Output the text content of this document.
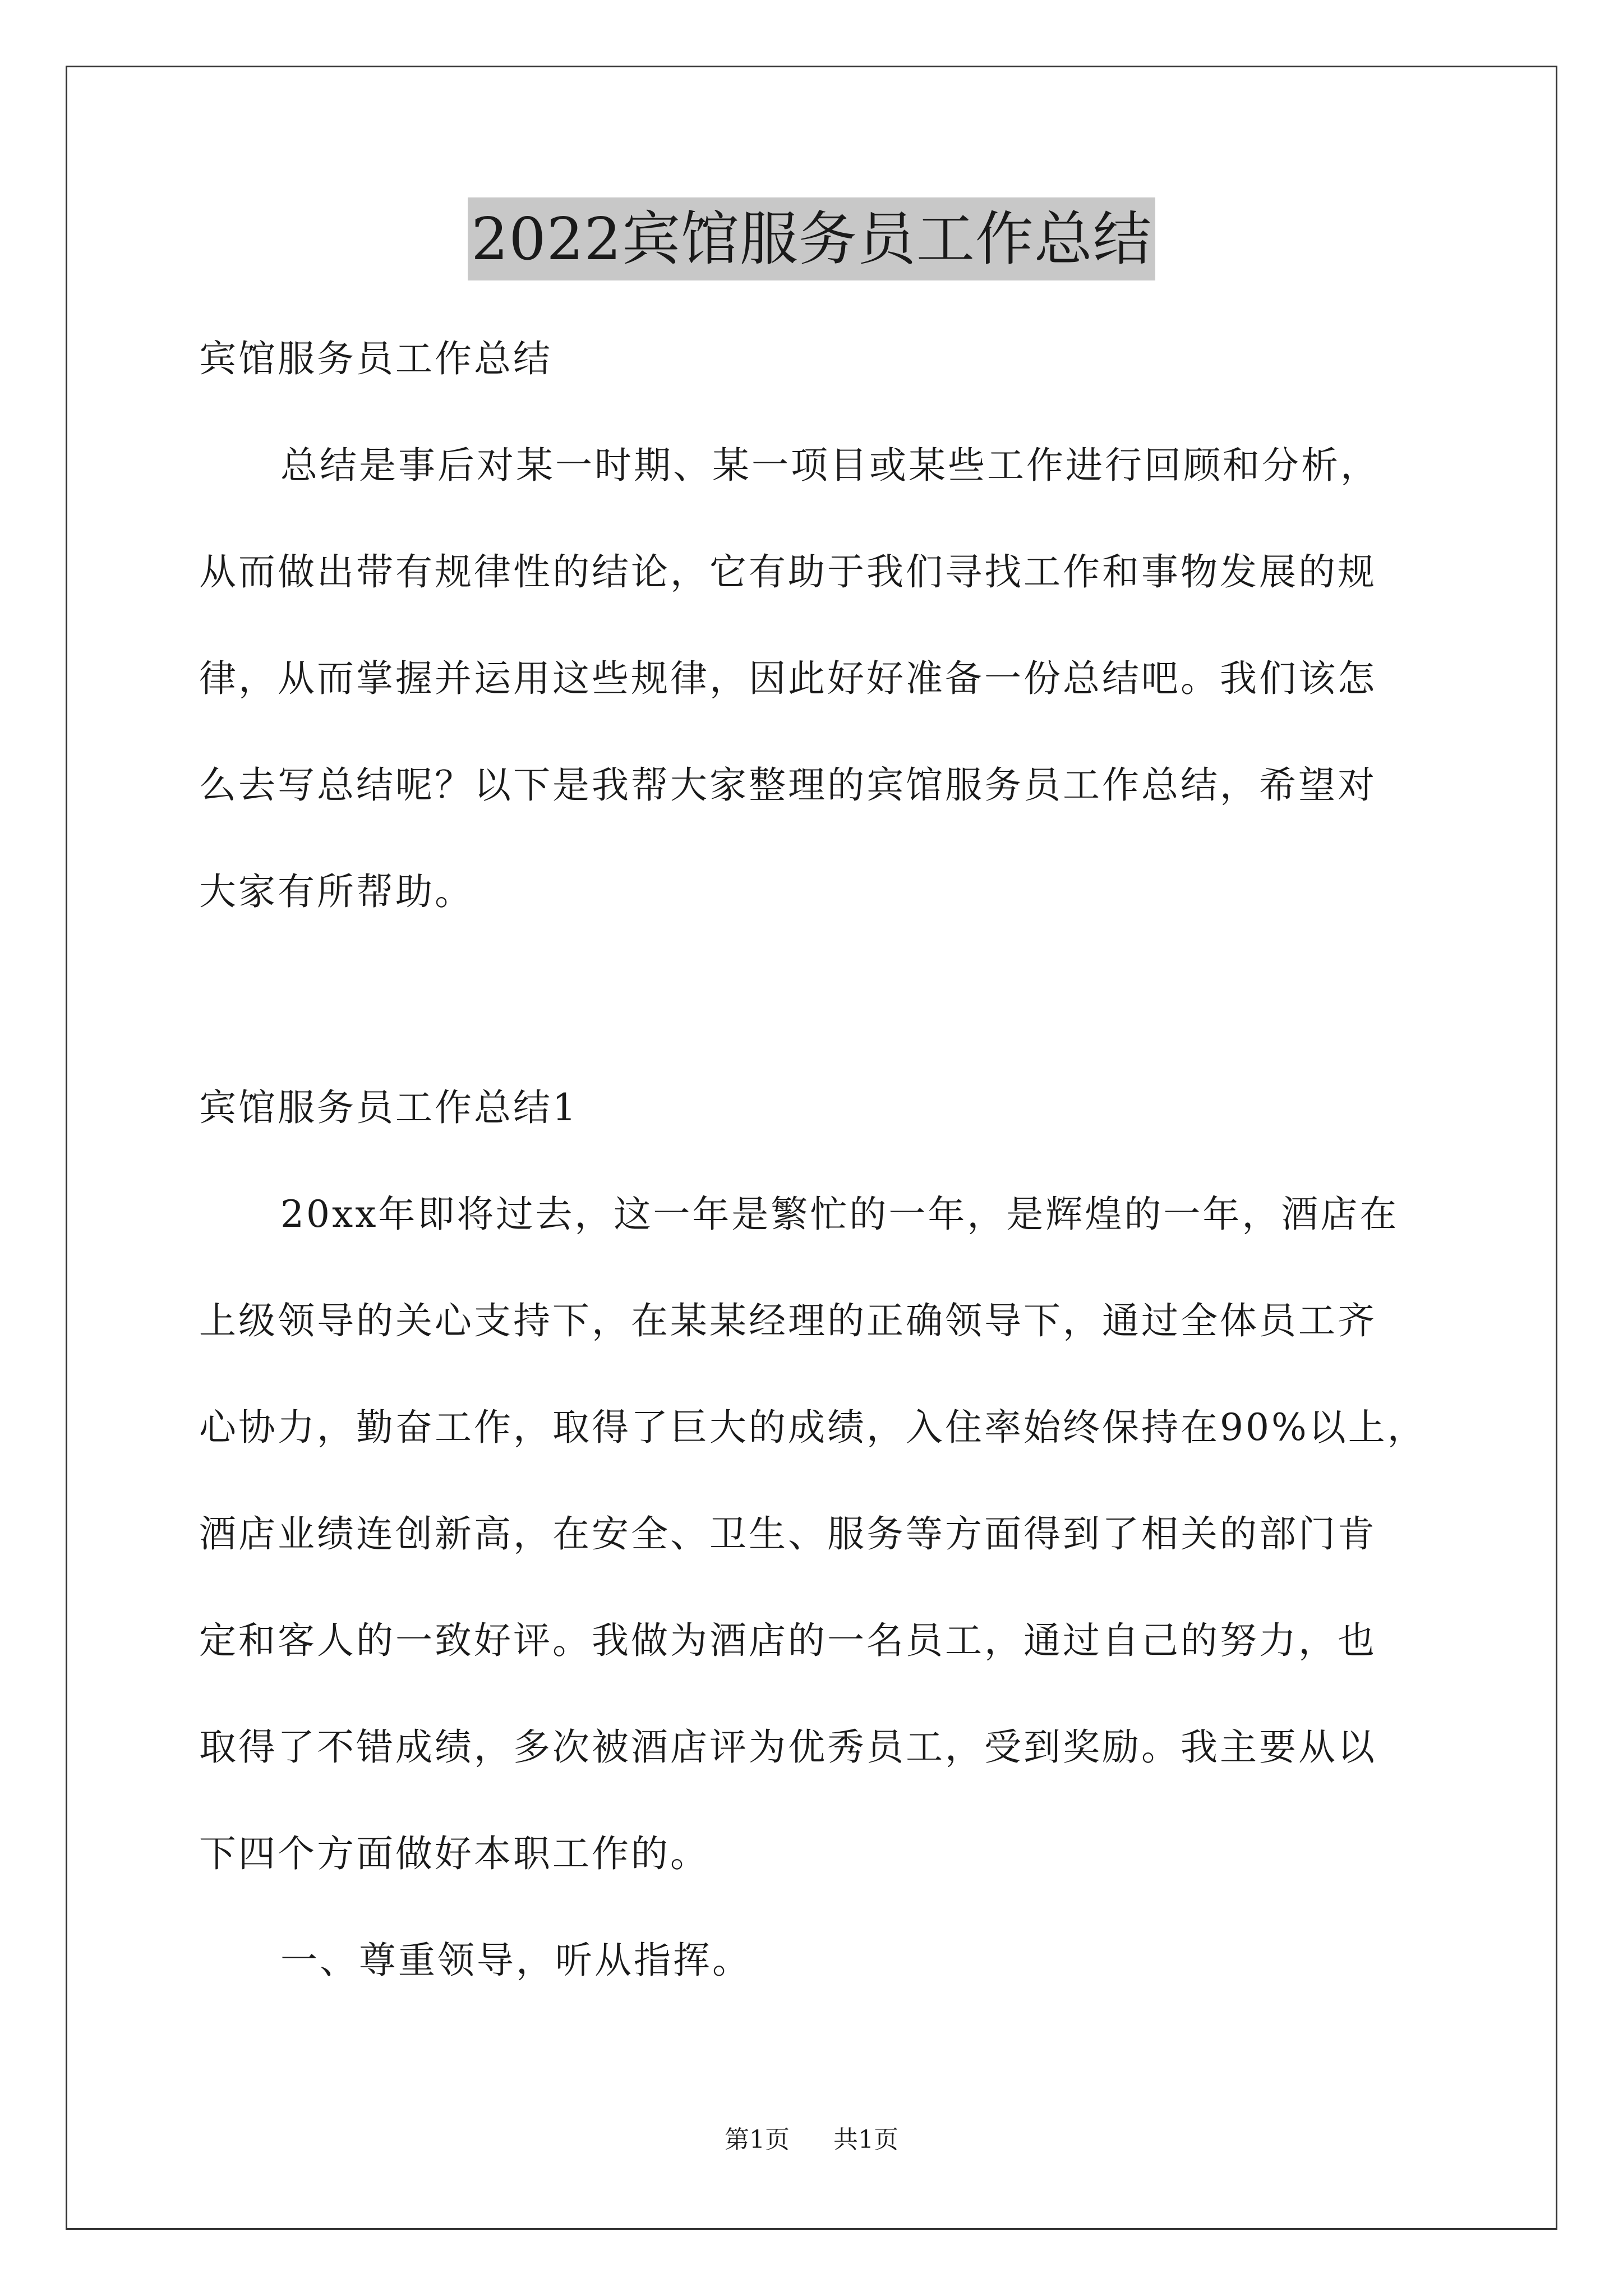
2022宾馆服务员工作总结
宾馆服务员工作总结
总结是事后对某一时期、某一项目或某些工作进行回顾和分析，
从而做出带有规律性的结论，它有助于我们寻找工作和事物发展的规
律，从而掌握并运用这些规律，因此好好准备一份总结吧。我们该怎
么去写总结呢？以下是我帮大家整理的宾馆服务员工作总结，希望对
大家有所帮助。
宾馆服务员工作总结1
20xx年即将过去，这一年是繁忙的一年，是辉煌的一年，酒店在
上级领导的关心支持下，在某某经理的正确领导下，通过全体员工齐
心协力，勤奋工作，取得了巨大的成绩，入住率始终保持在90%以上，
酒店业绩连创新高，在安全、卫生、服务等方面得到了相关的部门肯
定和客人的一致好评。我做为酒店的一名员工，通过自己的努力，也
取得了不错成绩，多次被酒店评为优秀员工，受到奖励。我主要从以
下四个方面做好本职工作的。
一、尊重领导，听从指挥。
第1页 共1页
